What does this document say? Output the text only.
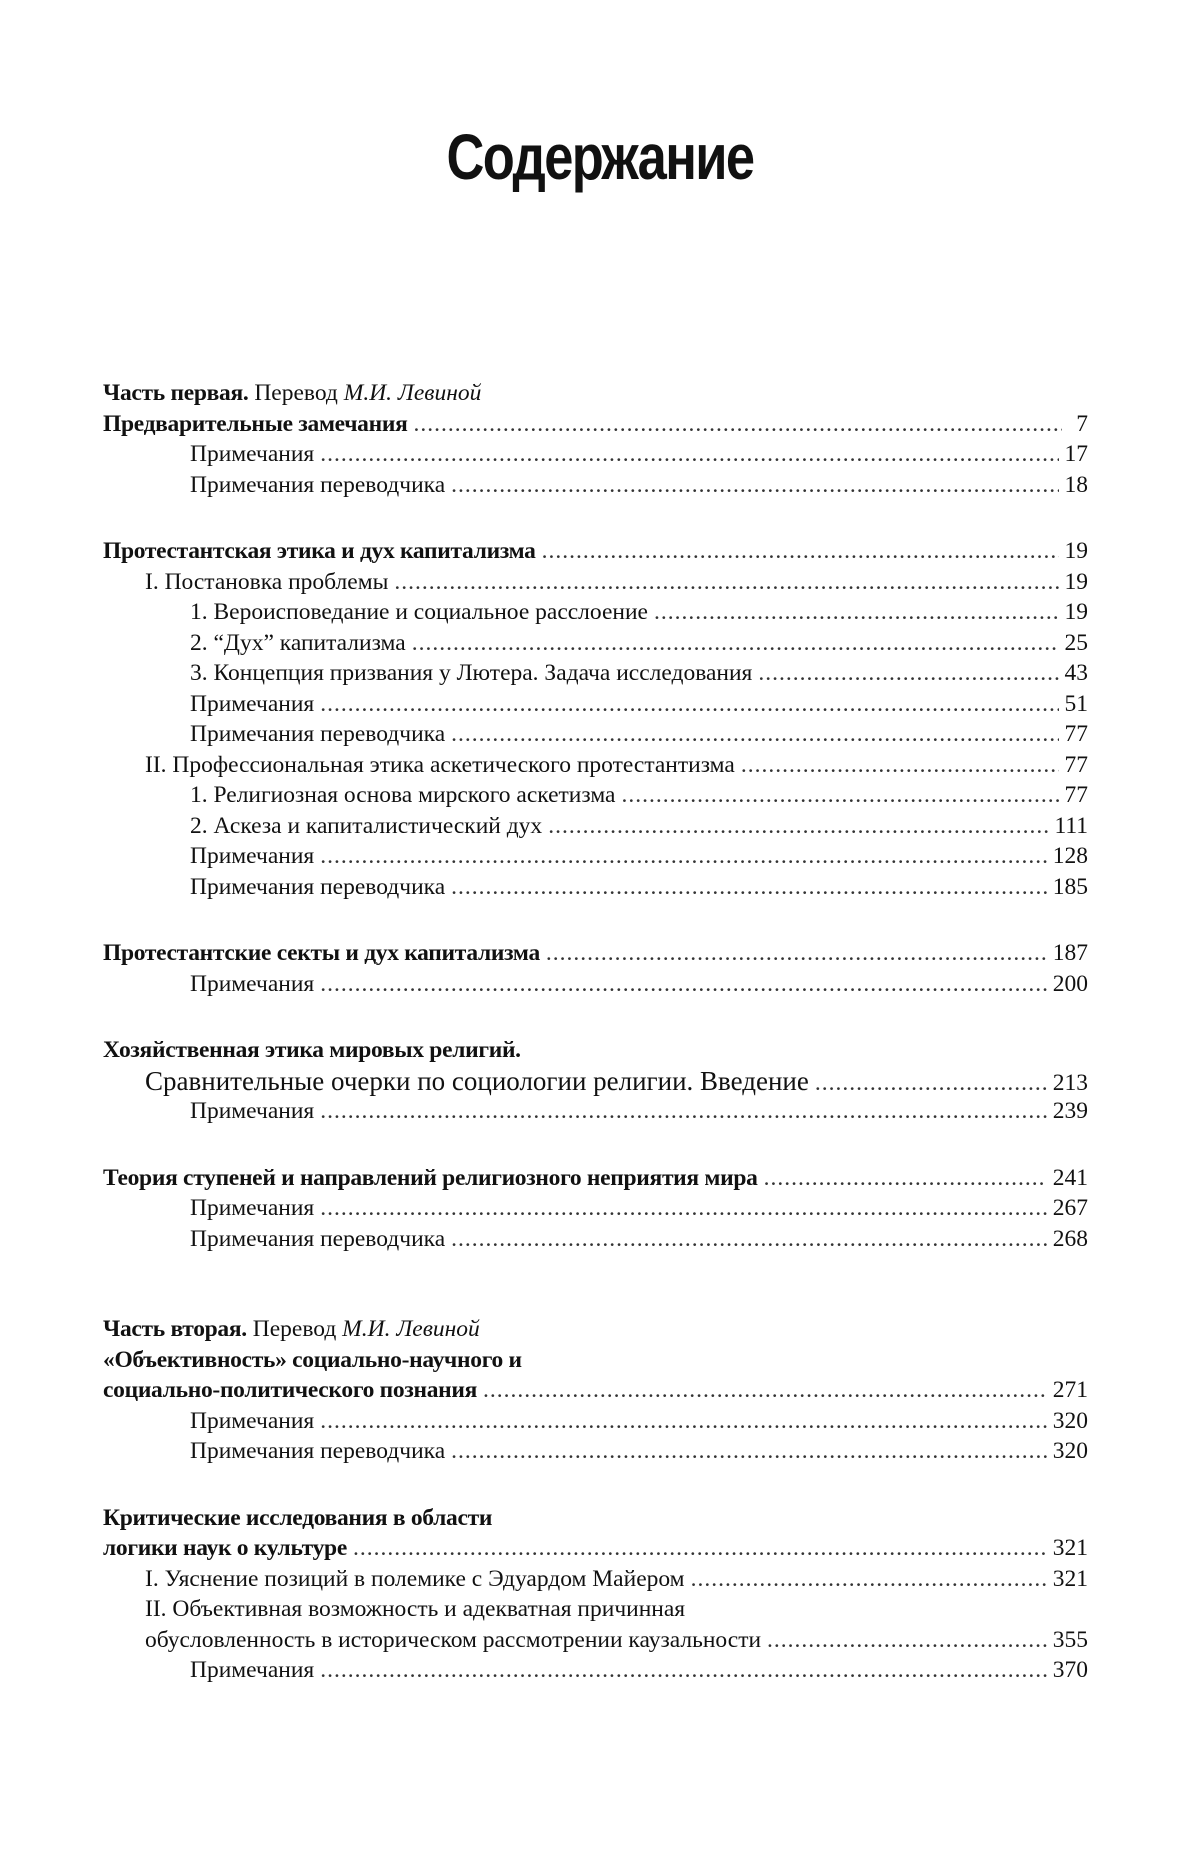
Содержание
Часть первая. Перевод М.И. Левиной
Предварительные замечания .....	7
Примечания .....	17
Примечания переводчика .....	18
Протестантская этика и дух капитализма .....	19
I. Постановка проблемы .....	19
1. Вероисповедание и социальное расслоение .....	19
2. “Дух” капитализма .....	25
3. Концепция призвания у Лютера. Задача исследования .....	43
Примечания .....	51
Примечания переводчика .....	77
II. Профессиональная этика аскетического протестантизма .....	77
1. Религиозная основа мирского аскетизма .....	77
2. Аскеза и капиталистический дух .....	111
Примечания .....	128
Примечания переводчика .....	185
Протестантские секты и дух капитализма .....	187
Примечания .....	200
Хозяйственная этика мировых религий.
Сравнительные очерки по социологии религии. Введение .....	213
Примечания .....	239
Теория ступеней и направлений религиозного неприятия мира .....	241
Примечания .....	267
Примечания переводчика .....	268
Часть вторая. Перевод М.И. Левиной
«Объективность» социально-научного и
социально-политического познания .....	271
Примечания .....	320
Примечания переводчика .....	320
Критические исследования в области
логики наук о культуре .....	321
I. Уяснение позиций в полемике с Эдуардом Майером .....	321
II. Объективная возможность и адекватная причинная
обусловленность в историческом рассмотрении каузальности .....	355
Примечания .....	370
